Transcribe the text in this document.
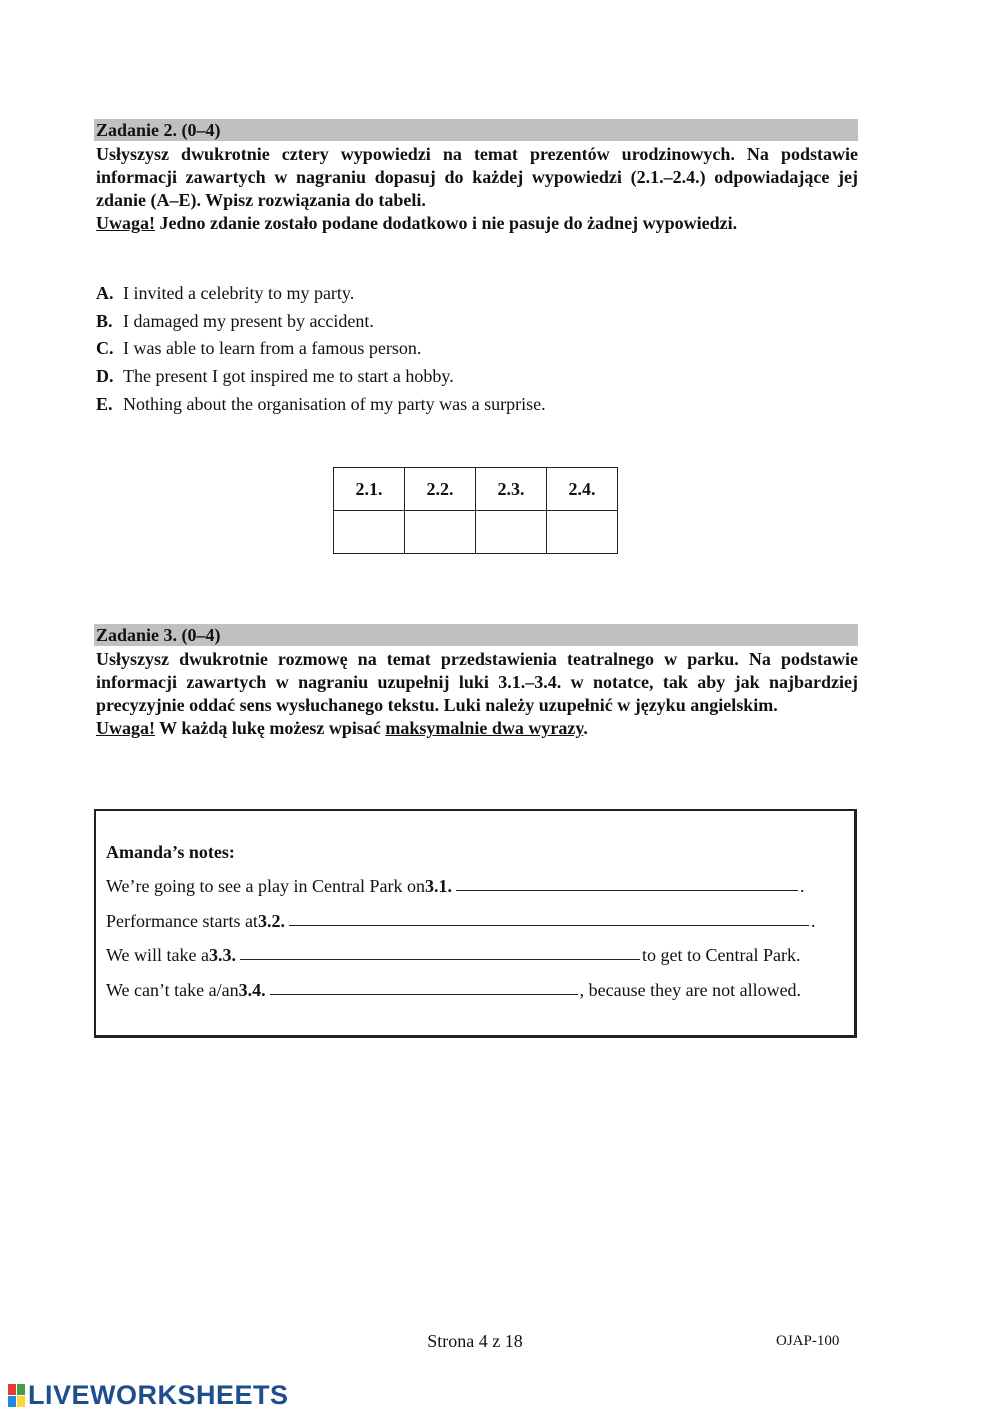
Zadanie 2. (0–4)

Usłyszysz dwukrotnie cztery wypowiedzi na temat prezentów urodzinowych. Na podstawie informacji zawartych w nagraniu dopasuj do każdej wypowiedzi (2.1.–2.4.) odpowiadające jej zdanie (A–E). Wpisz rozwiązania do tabeli.

Uwaga! Jedno zdanie zostało podane dodatkowo i nie pasuje do żadnej wypowiedzi.

A. I invited a celebrity to my party.
B. I damaged my present by accident.
C. I was able to learn from a famous person.
D. The present I got inspired me to start a hobby.
E. Nothing about the organisation of my party was a surprise.
2.1.	2.2.	2.3.	2.4.

Zadanie 3. (0–4)

Usłyszysz dwukrotnie rozmowę na temat przedstawienia teatralnego w parku. Na podstawie informacji zawartych w nagraniu uzupełnij luki 3.1.–3.4. w notatce, tak aby jak najbardziej precyzyjnie oddać sens wysłuchanego tekstu. Luki należy uzupełnić w języku angielskim.

Uwaga! W każdą lukę możesz wpisać maksymalnie dwa wyrazy.

Amanda’s notes:
We’re going to see a play in Central Park on 3.1.	.
Performance starts at 3.2.	.
We will take a 3.3.	to get to Central Park.
We can’t take a/an 3.4.	, because they are not allowed.
Strona 4 z 18	OJAP-100
LIVEWORKSHEETS
